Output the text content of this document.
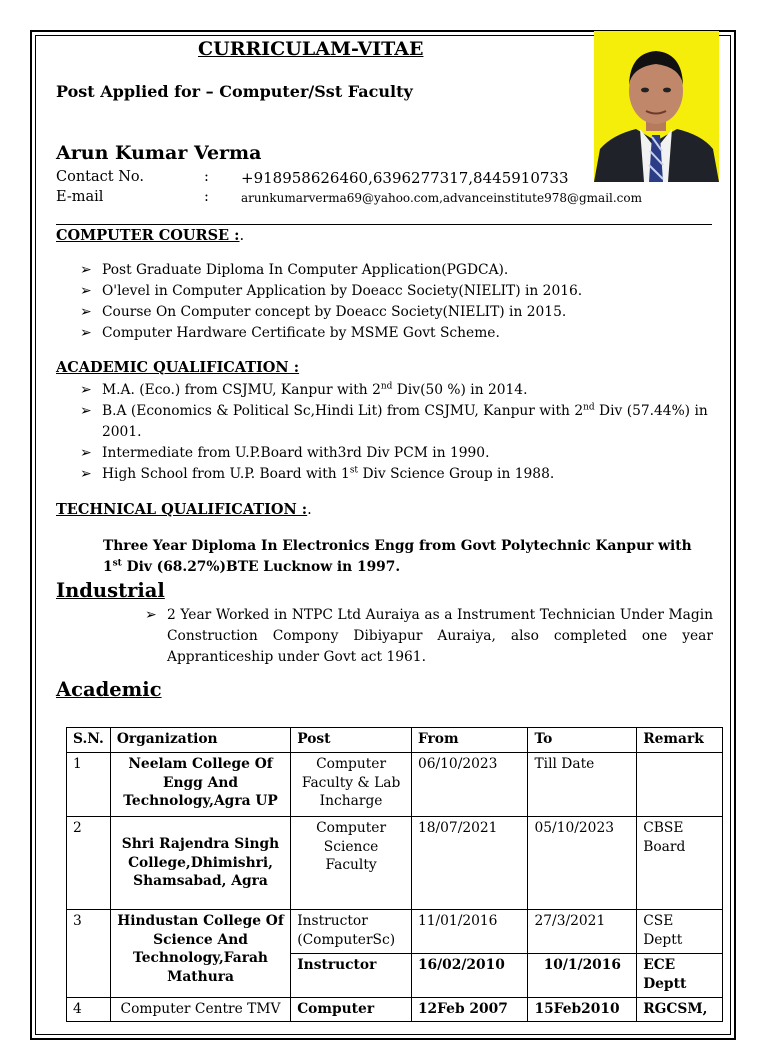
CURRICULAM-VITAE
Post Applied for – Computer/Sst Faculty
Arun Kumar Verma
Contact No.	: +918958626460,6396277317,8445910733
E-mail	:	arunkumarverma69@yahoo.com,advanceinstitute978@gmail.com
COMPUTER COURSE :.
➢ Post Graduate Diploma In Computer Application(PGDCA).
➢ O'level in Computer Application by Doeacc Society(NIELIT) in 2016.
➢ Course On Computer concept by Doeacc Society(NIELIT) in 2015.
➢ Computer Hardware Certificate by MSME Govt Scheme.
ACADEMIC QUALIFICATION :
➢ M.A. (Eco.) from CSJMU, Kanpur with 2nd Div(50 %) in 2014.
➢ B.A (Economics & Political Sc,Hindi Lit) from CSJMU, Kanpur with 2nd Div (57.44%) in 2001.
➢ Intermediate from U.P.Board with3rd Div PCM in 1990.
➢ High School from U.P. Board with 1st Div Science Group in 1988.
TECHNICAL QUALIFICATION :.
Three Year Diploma In Electronics Engg from Govt Polytechnic Kanpur with 1st Div (68.27%)BTE Lucknow in 1997.
Industrial
➢ 2 Year Worked in NTPC Ltd Auraiya as a Instrument Technician Under Magin Construction Compony Dibiyapur Auraiya, also completed one year Appranticeship under Govt act 1961.
Academic
S.N.	Organization	Post	From	To	Remark
1	Neelam College Of Engg And Technology,Agra UP	Computer Faculty & Lab Incharge	06/10/2023	Till Date	
2	Shri Rajendra Singh College,Dhimishri, Shamsabad, Agra	Computer Science Faculty	18/07/2021	05/10/2023	CBSE Board
3	Hindustan College Of Science And Technology,Farah Mathura	Instructor (ComputerSc)	11/01/2016	27/3/2021	CSE Deptt
		Instructor	16/02/2010	10/1/2016	ECE Deptt
4	Computer Centre TMV	Computer	12Feb 2007	15Feb2010	RGCSM,
